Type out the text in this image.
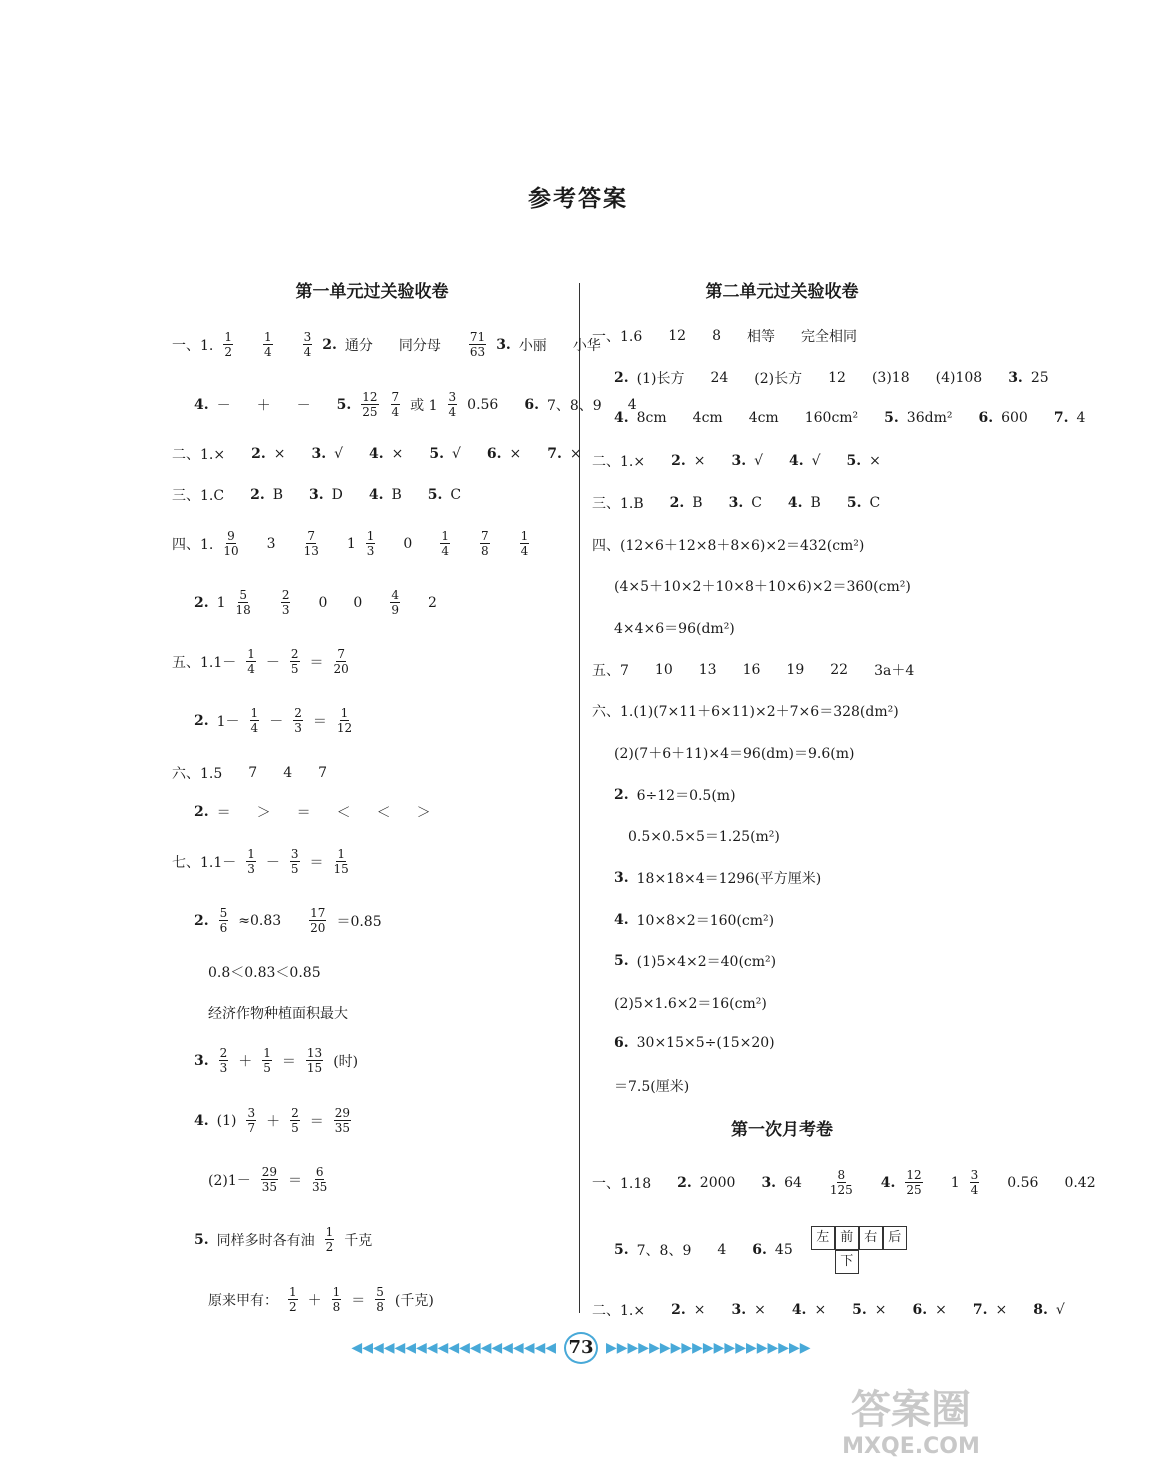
参考答案
第一单元过关验收卷	第二单元过关验收卷
一、1. $\frac{1}{2}$	$\frac{1}{4}$	$\frac{3}{4} 2$. 通分 同分母 $\frac{71}{63} 3$. 小丽 小华
4. － ＋ － 5. $\frac{12}{25} \frac{7}{4}$ 或 $1 \frac{3}{4} 0.56$ 6. 7、8、9 4
二、1.× 2. × 3. √ 4. × 5. √ 6. × 7. ×
三、1.C 2. B 3. D 4. B 5. C
四、1. $\frac{9}{10} 3 \frac{7}{13} 1 \frac{1}{3} 0 \frac{1}{4}$	$\frac{7}{8}$	$\frac{1}{4}$
2. $1 \frac{5}{18}$	$\frac{2}{3} 0$ $0 \frac{4}{9} 2$
五、$1.1- \frac{1}{4} - \frac{2}{5} = \frac{7}{20}$
2. $1- \frac{1}{4} - \frac{2}{3} = \frac{1}{12}$
六、1.5 7 4 7
2. ＝ ＞ ＝ ＜ ＜ ＞
七、$1.1- \frac{1}{3} - \frac{3}{5} = \frac{1}{15}$
2. $\frac{5}{6} \approx 0.83 \frac{17}{20} =0.85$
0.8＜0.83＜0.85
经济作物种植面积最大
3. $\frac{2}{3} + \frac{1}{5} = \frac{13}{15}$ (时)
4. $(1) \frac{3}{7} + \frac{2}{5} = \frac{29}{35}$
$(2)1- \frac{29}{35} = \frac{6}{35}$
5. 同样多时各有油 $\frac{1}{2}$ 千克
原来甲有： $\frac{1}{2} + \frac{1}{8} = \frac{5}{8}$ (千克)
一、1.6 12 8 相等 完全相同
2. (1)长方 24 (2)长方 12 (3)18 (4)108 3. 25
4. 8cm 4cm 4cm 160cm² 5. 36dm² 6. 600 7. 4
二、1.× 2. × 3. √ 4. √ 5. ×
三、1.B 2. B 3. C 4. B 5. C
四、(12×6＋12×8＋8×6)×2＝432(cm²)
(4×5＋10×2＋10×8＋10×6)×2＝360(cm²)
4×4×6＝96(dm²)
五、7 10 13 16 19 22 3a＋4
六、1.(1)(7×11＋6×11)×2＋7×6＝328(dm²)
(2)(7＋6＋11)×4＝96(dm)＝9.6(m)
2. 6÷12＝0.5(m)
0.5×0.5×5＝1.25(m²)
3. 18×18×4＝1296(平方厘米)
4. 10×8×2＝160(cm²)
5. (1)5×4×2＝40(cm²)
(2)5×1.6×2＝16(cm²)
6. 30×15×5÷(15×20)
＝7.5(厘米)
第一次月考卷
一、1.18 2. 2000 3. $64 \frac{8}{125} 4$. $\frac{12}{25} 1 \frac{3}{4} 0.56$ 0.42
5. 7、8、9 4 6. 45
左 前 右 后
下
二、1.× 2. × 3. × 4. × 5. × 6. × 7. × 8. √
◀◀◀◀◀◀◀◀◀◀◀◀◀◀◀◀◀◀◀ 73 ▶▶▶▶▶▶▶▶▶▶▶▶▶▶▶▶▶▶▶
答案圈
MXQE.COM
